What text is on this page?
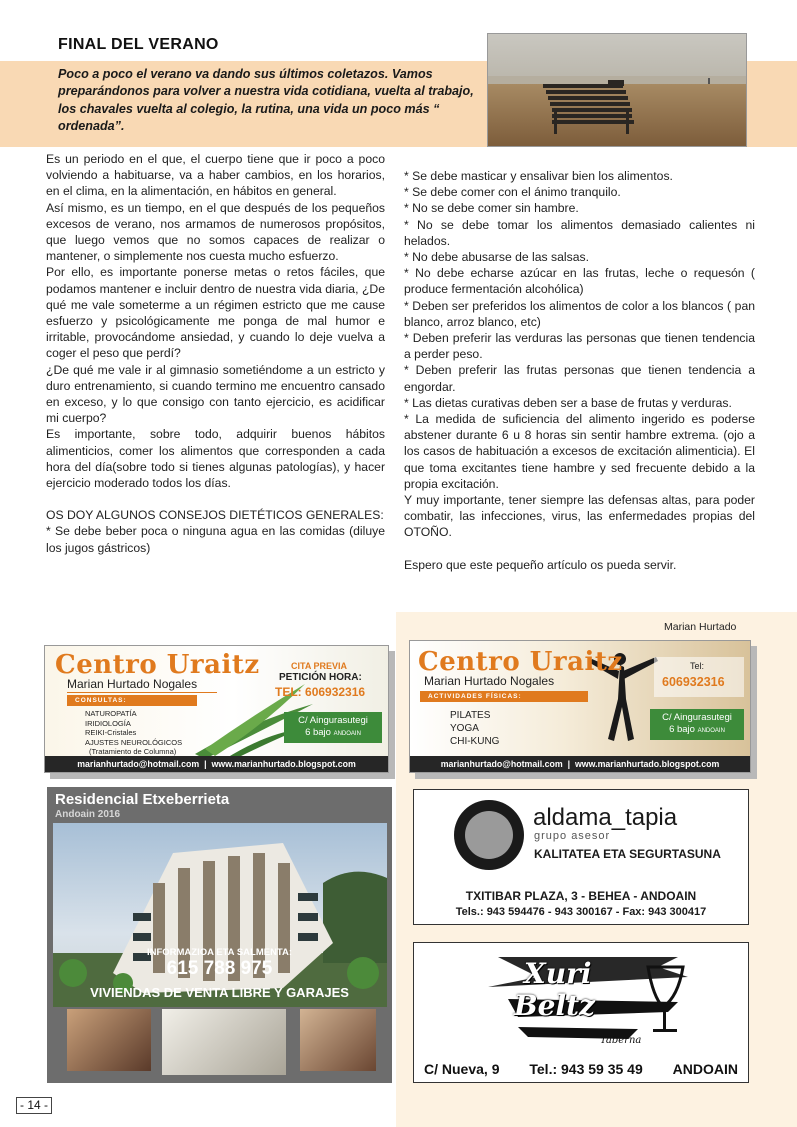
FINAL DEL VERANO
Poco a poco el verano va dando sus últimos coletazos. Vamos preparándonos para volver a nuestra vida cotidiana, vuelta al trabajo, los chavales vuelta al colegio, la rutina, una vida un poco más “ ordenada”.

Es un periodo en el que, el cuerpo tiene que ir poco a poco volviendo a habituarse, va a haber cambios, en los horarios, en el clima, en la alimentación, en hábitos en general.

Así mismo, es un tiempo, en el que después de los pequeños excesos de verano, nos armamos de numerosos propósitos, que luego vemos que no somos capaces de realizar o mantener, o simplemente nos cuesta mucho esfuerzo.

Por ello, es importante ponerse metas o retos fáciles, que podamos mantener e incluir dentro de nuestra vida diaria, ¿De qué me vale someterme a un régimen estricto que me cause esfuerzo y psicológicamente me ponga de mal humor e irritable, provocándome ansiedad, y cuando lo deje vuelva a coger el peso que perdí?

¿De qué me vale ir al gimnasio sometiéndome a un estricto y duro entrenamiento, si cuando termino me encuentro cansado en exceso, y lo que consigo con tanto ejercicio, es acidificar mi cuerpo?

Es importante, sobre todo, adquirir buenos hábitos alimenticios, comer los alimentos que corresponden a cada hora del día(sobre todo si tienes algunas patologías), y hacer ejercicio moderado todos los días.

OS DOY ALGUNOS CONSEJOS DIETÉTICOS GENERALES:

* Se debe beber poca o ninguna agua en las comidas (diluye los jugos gástricos)

* Se debe masticar y ensalivar bien los alimentos.

* Se debe comer con el ánimo tranquilo.

* No se debe comer sin hambre.

* No se debe tomar los alimentos demasiado calientes ni helados.

* No debe abusarse de las salsas.

* No debe echarse azúcar en las frutas, leche o requesón ( produce fermentación alcohólica)

* Deben ser preferidos los alimentos de color a los blancos ( pan blanco, arroz blanco, etc)

* Deben preferir las verduras las personas que tienen tendencia a perder peso.

* Deben preferir las frutas personas que tienen tendencia a engordar.

* Las dietas curativas deben ser a base de frutas y verduras.

* La medida de suficiencia del alimento ingerido es poderse abstener durante 6 u 8 horas sin sentir hambre extrema. (ojo a los casos de habituación a excesos de excitación alimenticia). El que toma excitantes tiene hambre y sed frecuente debido a la propia excitación.

Y muy importante, tener siempre las defensas altas, para poder combatir, las infecciones, virus, las enfermedades propias del OTOÑO.

Espero que este pequeño artículo os pueda servir.

Marian Hurtado
Centro Uraitz
Marian Hurtado Nogales
CONSULTAS:
NATUROPATÍA
IRIDIOLOGÍA
REIKI-Cristales
AJUSTES NEUROLÓGICOS
(Tratamiento de Columna)
CITA PREVIA
PETICIÓN HORA:
TEL: 606932316
C/ Aingurasutegi
6 bajo ANDOAIN
marianhurtado@hotmail.com  |  www.marianhurtado.blogspot.com
Centro Uraitz
Marian Hurtado Nogales
ACTIVIDADES FÍSICAS:
PILATES
YOGA
CHI-KUNG
Tel:
606932316
C/ Aingurasutegi
6 bajo ANDOAIN
marianhurtado@hotmail.com  |  www.marianhurtado.blogspot.com
Residencial Etxeberrieta
Andoain 2016
INFORMAZIOA ETA SALMENTA:
615 788 975
VIVIENDAS DE VENTA LIBRE Y GARAJES
aldama_tapia
grupo asesor
KALITATEA ETA SEGURTASUNA
TXITIBAR PLAZA, 3 - BEHEA - ANDOAIN
Tels.: 943 594476 - 943 300167 - Fax: 943 300417
Xuri
Beltz
Taberna
C/ Nueva, 9 Tel.: 943 59 35 49 ANDOAIN
- 14 -
